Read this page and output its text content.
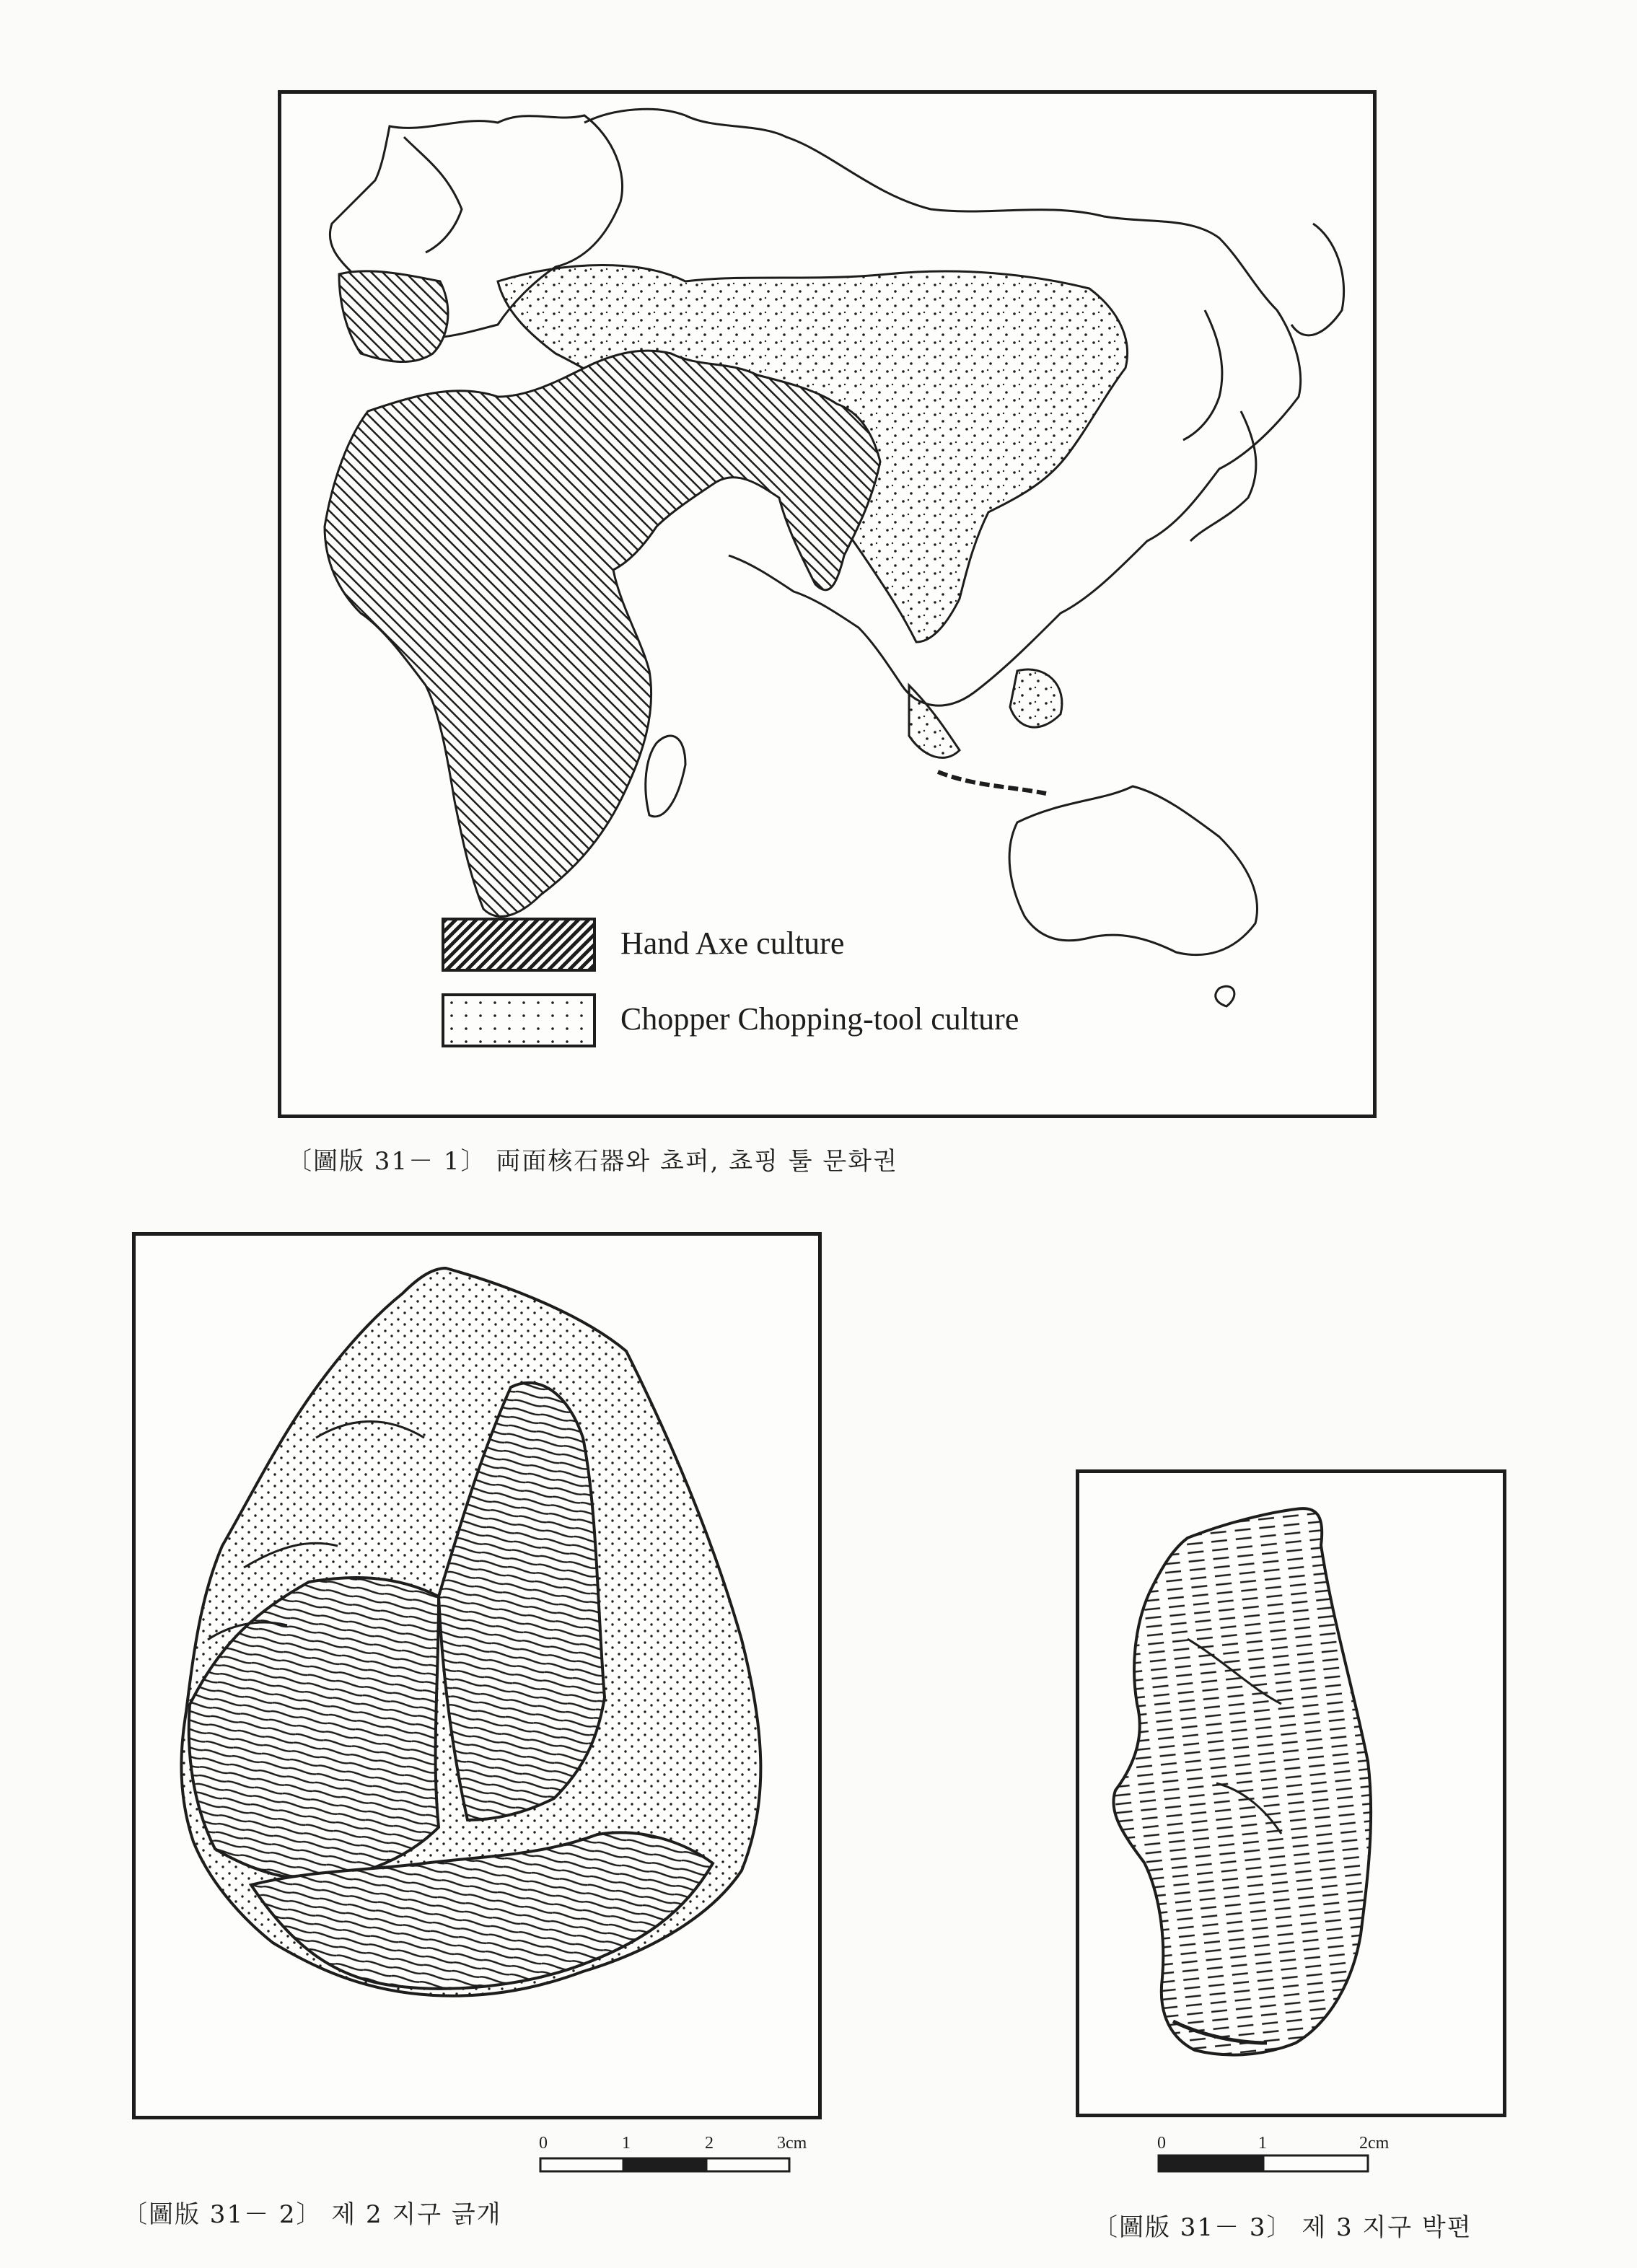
Hand Axe culture
Chopper Chopping-tool culture
〔圖版 31－ 1〕 両面核石器와 쵸퍼, 쵸핑 툴 문화권
0	1	2	3cm
〔圖版 31－ 2〕 제 2 지구 긁개
0	1	2cm
〔圖版 31－ 3〕 제 3 지구 박편
